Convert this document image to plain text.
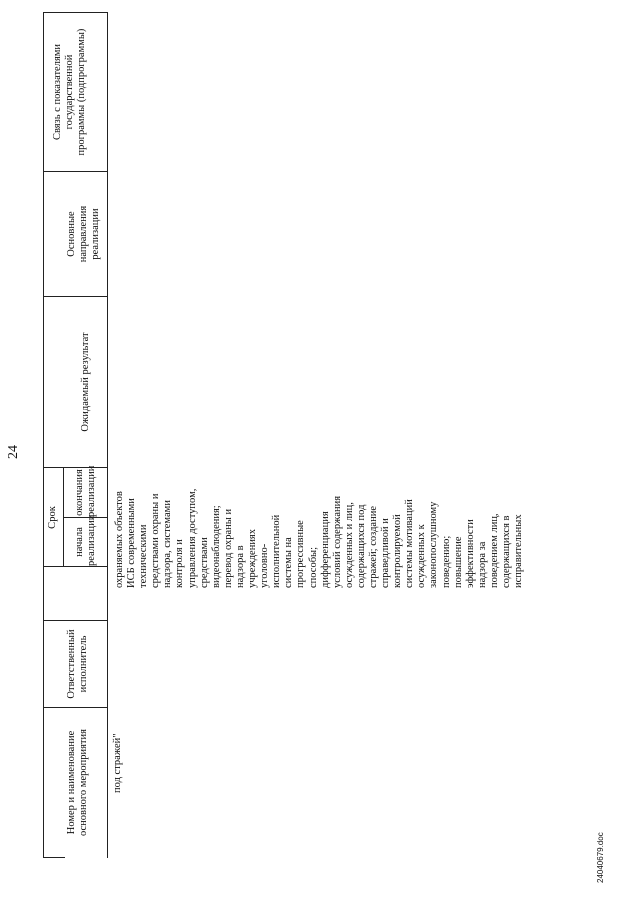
24
Номер и наименование основного мероприятия
Ответственный исполнитель
Срок
начала реализации
окончания реализации
Ожидаемый результат
Основные направления реализации
Связь с показателями государственной программы (подпрограммы)
под стражей"
охраняемых объектов ИСБ современными техническими средствами охраны и надзора, системами контроля и управления доступом, средствами видеонаблюдения; перевод охраны и надзора в учреждениях уголовно- исполнительной системы на прогрессивные способы; дифференциация условий содержания осужденных и лиц, содержащихся под стражей; создание справедливой и контролируемой системы мотиваций осужденных к законопослушному поведению; повышение эффективности надзора за поведением лиц, содержащихся в исправительных
24040679.doc
